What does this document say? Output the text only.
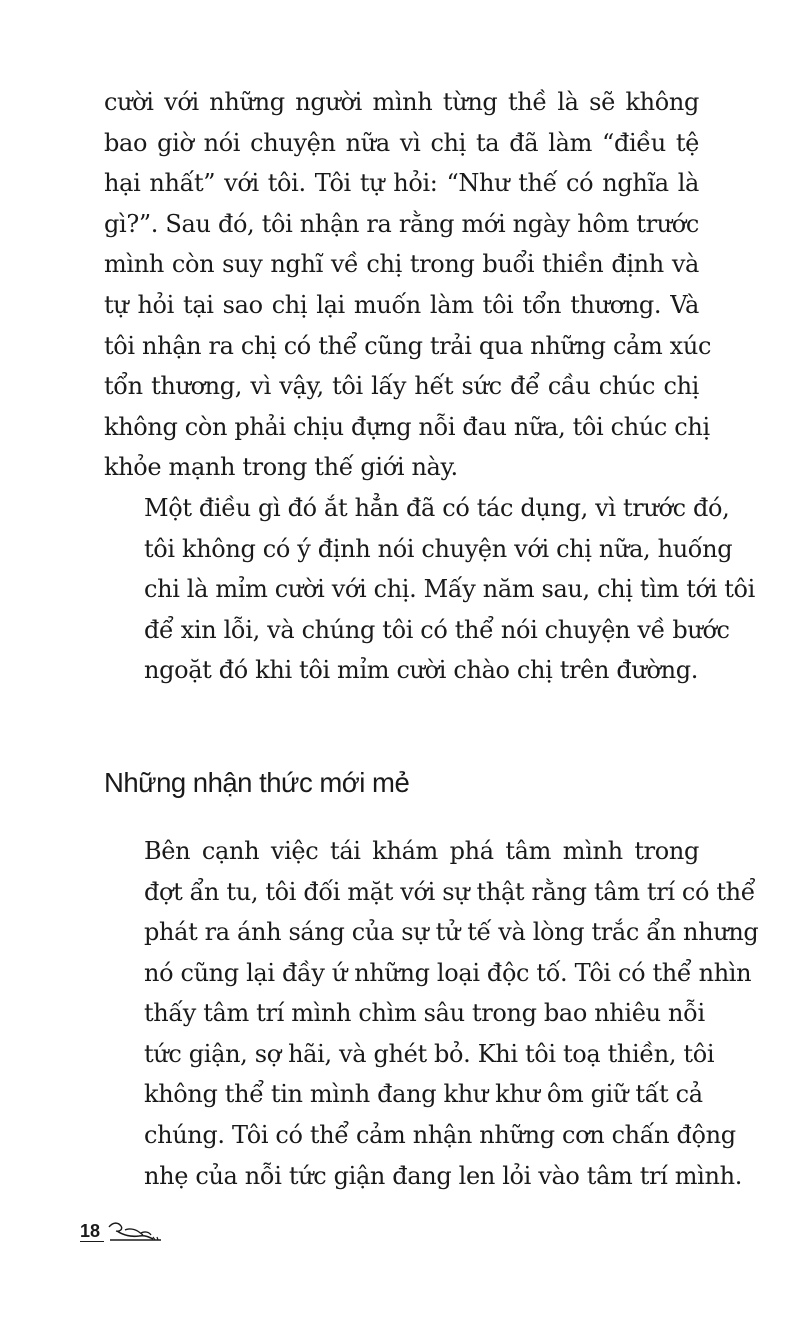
cười với những người mình từng thề là sẽ không
bao giờ nói chuyện nữa vì chị ta đã làm “điều tệ
hại nhất” với tôi. Tôi tự hỏi: “Như thế có nghĩa là
gì?”. Sau đó, tôi nhận ra rằng mới ngày hôm trước
mình còn suy nghĩ về chị trong buổi thiền định và
tự hỏi tại sao chị lại muốn làm tôi tổn thương. Và
tôi nhận ra chị có thể cũng trải qua những cảm xúc
tổn thương, vì vậy, tôi lấy hết sức để cầu chúc chị
không còn phải chịu đựng nỗi đau nữa, tôi chúc chị
khỏe mạnh trong thế giới này.

Một điều gì đó ắt hẳn đã có tác dụng, vì trước đó,
tôi không có ý định nói chuyện với chị nữa, huống
chi là mỉm cười với chị. Mấy năm sau, chị tìm tới tôi
để xin lỗi, và chúng tôi có thể nói chuyện về bước
ngoặt đó khi tôi mỉm cười chào chị trên đường.

Những nhận thức mới mẻ

Bên cạnh việc tái khám phá tâm mình trong
đợt ẩn tu, tôi đối mặt với sự thật rằng tâm trí có thể
phát ra ánh sáng của sự tử tế và lòng trắc ẩn nhưng
nó cũng lại đầy ứ những loại độc tố. Tôi có thể nhìn
thấy tâm trí mình chìm sâu trong bao nhiêu nỗi
tức giận, sợ hãi, và ghét bỏ. Khi tôi toạ thiền, tôi
không thể tin mình đang khư khư ôm giữ tất cả
chúng. Tôi có thể cảm nhận những cơn chấn động
nhẹ của nỗi tức giận đang len lỏi vào tâm trí mình.

18
